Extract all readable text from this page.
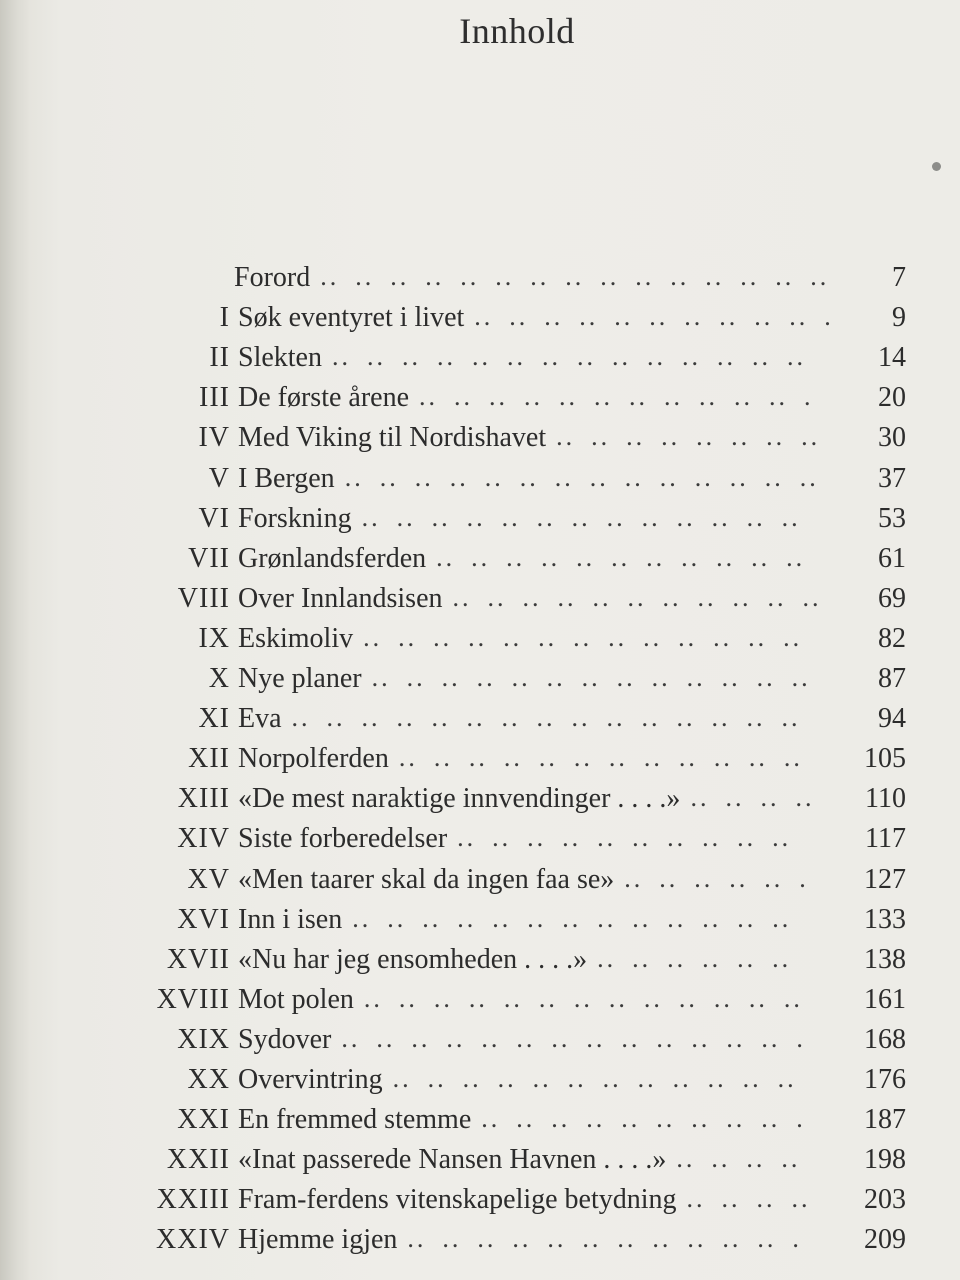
Innhold
Forord .. .. .. .. .. .. .. .. .. .. .. .. .. .. ..	7
I Søk eventyret i livet .. .. .. .. .. .. .. .. .. .. .	9
II Slekten .. .. .. .. .. .. .. .. .. .. .. .. .. .. 	14
III De første årene .. .. .. .. .. .. .. .. .. .. .. .	20
IV Med Viking til Nordishavet .. .. .. .. .. .. .. ..	30
V I Bergen .. .. .. .. .. .. .. .. .. .. .. .. .. ..	37
VI Forskning .. .. .. .. .. .. .. .. .. .. .. .. .. 	53
VII Grønlandsferden .. .. .. .. .. .. .. .. .. .. .. 	61
VIII Over Innlandsisen .. .. .. .. .. .. .. .. .. .. ..	69
IX Eskimoliv .. .. .. .. .. .. .. .. .. .. .. .. .. 	82
X Nye planer .. .. .. .. .. .. .. .. .. .. .. .. ..	87
XI Eva .. .. .. .. .. .. .. .. .. .. .. .. .. .. .. 	94
XII Norpolferden .. .. .. .. .. .. .. .. .. .. .. ..	105
XIII «De mest naraktige innvendinger . . . .» .. .. .. ..	110
XIV Siste forberedelser .. .. .. .. .. .. .. .. .. .. 	117
XV «Men taarer skal da ingen faa se» .. .. .. .. .. .	127
XVI Inn i isen .. .. .. .. .. .. .. .. .. .. .. .. .. 	133
XVII «Nu har jeg ensomheden . . . .» .. .. .. .. .. .. 	138
XVIII Mot polen .. .. .. .. .. .. .. .. .. .. .. .. ..	161
XIX Sydover .. .. .. .. .. .. .. .. .. .. .. .. .. .	168
XX Overvintring .. .. .. .. .. .. .. .. .. .. .. ..	176
XXI En fremmed stemme .. .. .. .. .. .. .. .. .. .	187
XXII «Inat passerede Nansen Havnen . . . .» .. .. .. ..  198
XXIII Fram-ferdens vitenskapelige betydning .. .. .. ..	203
XXIV Hjemme igjen .. .. .. .. .. .. .. .. .. .. .. .	209
